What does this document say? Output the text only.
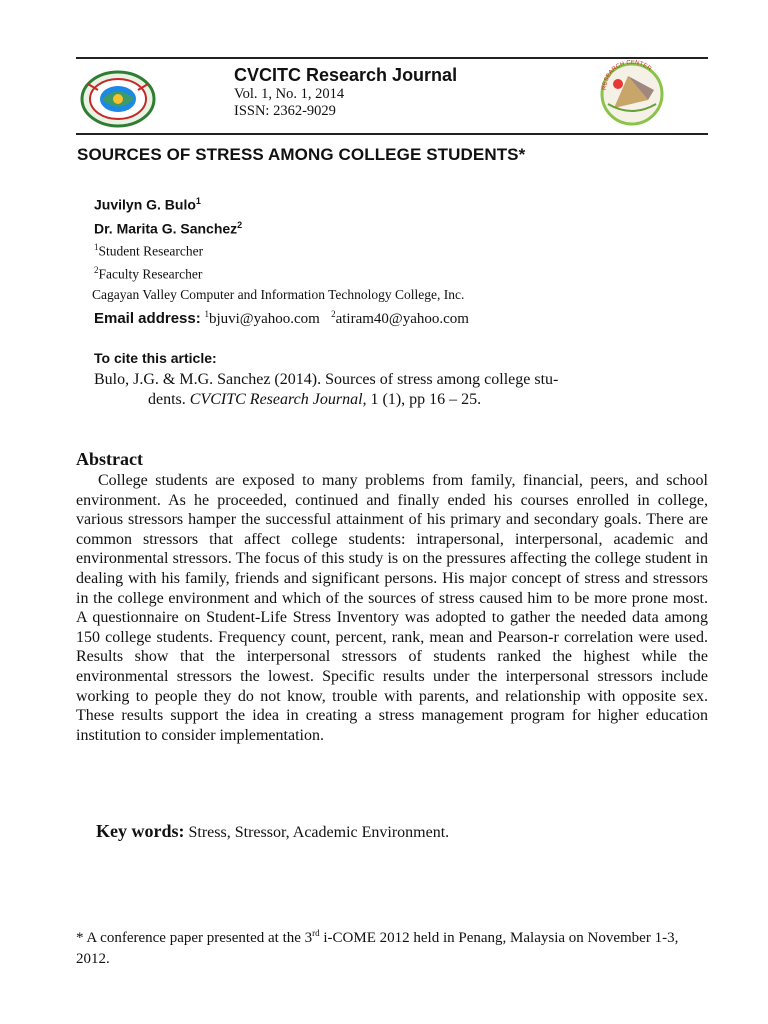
RESEARCH CENTER
CVCITC Research Journal
Vol. 1, No. 1, 2014
ISSN: 2362-9029
SOURCES OF STRESS AMONG COLLEGE STUDENTS*
Juvilyn G. Bulo$^1$
Dr. Marita G. Sanchez$^2$
$^1$Student Researcher
$^2$Faculty Researcher
Cagayan Valley Computer and Information Technology College, Inc.
Email address: $^1$bjuvi@yahoo.com $^2$atiram40@yahoo.com
To cite this article:
Bulo, J.G. & M.G. Sanchez (2014). Sources of stress among college stu-
dents. CVCITC Research Journal, 1 (1), pp 16 – 25.
Abstract
College students are exposed to many problems from family, financial, peers, and school environment. As he proceeded, continued and finally ended his courses enrolled in college, various stressors hamper the successful attainment of his primary and secondary goals. There are common stressors that affect college students: intrapersonal, interpersonal, academic and environmental stressors. The focus of this study is on the pressures affecting the college student in dealing with his family, friends and significant persons. His major concept of stress and stressors in the college environment and which of the sources of stress caused him to be more prone most. A questionnaire on Student-Life Stress Inventory was adopted to gather the needed data among 150 college students. Frequency count, percent, rank, mean and Pearson-r correlation were used. Results show that the interpersonal stressors of students ranked the highest while the environmental stressors the lowest. Specific results under the interpersonal stressors include working to people they do not know, trouble with parents, and relationship with opposite sex. These results support the idea in creating a stress management program for higher education institution to consider implementation.
Key words: Stress, Stressor, Academic Environment.
* A conference paper presented at the 3rd i-COME 2012 held in Penang, Malaysia on November 1-3, 2012.
